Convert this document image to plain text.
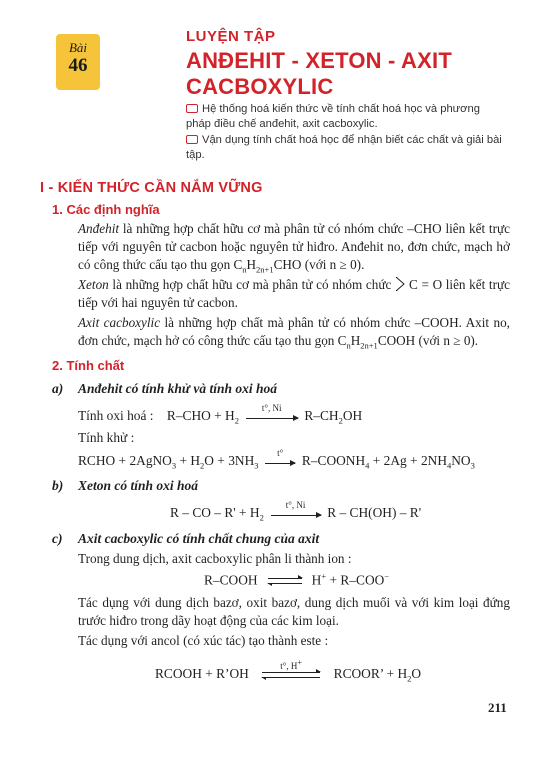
Bài
46
LUYỆN TẬP
ANĐEHIT - XETON - AXIT CACBOXYLIC
Hệ thống hoá kiến thức về tính chất hoá học và phương pháp điều chế anđehit, axit cacboxylic.
Vận dụng tính chất hoá học để nhận biết các chất và giải bài tập.
I - KIẾN THỨC CẦN NẮM VỮNG
1. Các định nghĩa
Anđehit là những hợp chất hữu cơ mà phân tử có nhóm chức –CHO liên kết trực tiếp với nguyên tử cacbon hoặc nguyên tử hiđro. Anđehit no, đơn chức, mạch hở có công thức cấu tạo thu gọn $C_nH_{2n+1}CHO$ (với n ≥ 0).
Xeton là những hợp chất hữu cơ mà phân tử có nhóm chức C = O liên kết trực tiếp với hai nguyên tử cacbon.
Axit cacboxylic là những hợp chất mà phân tử có nhóm chức –COOH. Axit no, đơn chức, mạch hở có công thức cấu tạo thu gọn $C_nH_{2n+1}COOH$ (với n ≥ 0).
2. Tính chất
a) Anđehit có tính khử và tính oxi hoá
Tính oxi hoá : $R-CHO + H_2$
t°, Ni	$R-CH_2OH$
Tính khử :
RCHO + 2AgNO$_3$ + $H_2O + 3NH_3$
t°	$R-COONH_4 + 2Ag + 2NH_4NO_3$
b) Xeton có tính oxi hoá
R – CO – $R' + H_2$
t°, Ni	R – CH(OH) – R'
c) Axit cacboxylic có tính chất chung của axit
Trong dung dịch, axit cacboxylic phân li thành ion :
R–COOH ⇌ H+ + R–COO−
Tác dụng với dung dịch bazơ, oxit bazơ, dung dịch muối và với kim loại đứng trước hiđro trong dãy hoạt động của các kim loại.
Tác dụng với ancol (có xúc tác) tạo thành este :
RCOOH + R’OH
t°, H+
RCOOR’ + $H_2O$
211
